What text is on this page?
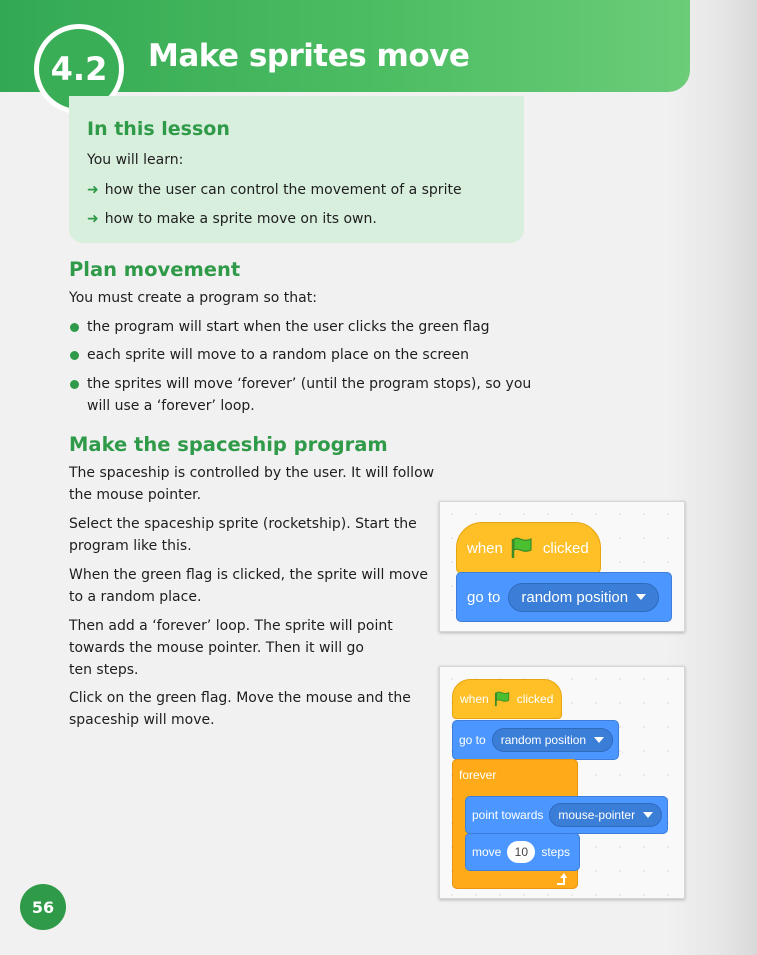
4.2 Make sprites move
In this lesson
You will learn:
➜ how the user can control the movement of a sprite
➜ how to make a sprite move on its own.
Plan movement
You must create a program so that:
the program will start when the user clicks the green flag
each sprite will move to a random place on the screen
the sprites will move ‘forever’ (until the program stops), so you
will use a ‘forever’ loop.
Make the spaceship program
The spaceship is controlled by the user. It will follow
the mouse pointer.
Select the spaceship sprite (rocketship). Start the
program like this.
When the green flag is clicked, the sprite will move
to a random place.
Then add a ‘forever’ loop. The sprite will point
towards the mouse pointer. Then it will go
ten steps.
Click on the green flag. Move the mouse and the
spaceship will move.
when	clicked
go to random position
when clicked
go to random position
forever
point towards mouse-pointer
move	10	steps
56
